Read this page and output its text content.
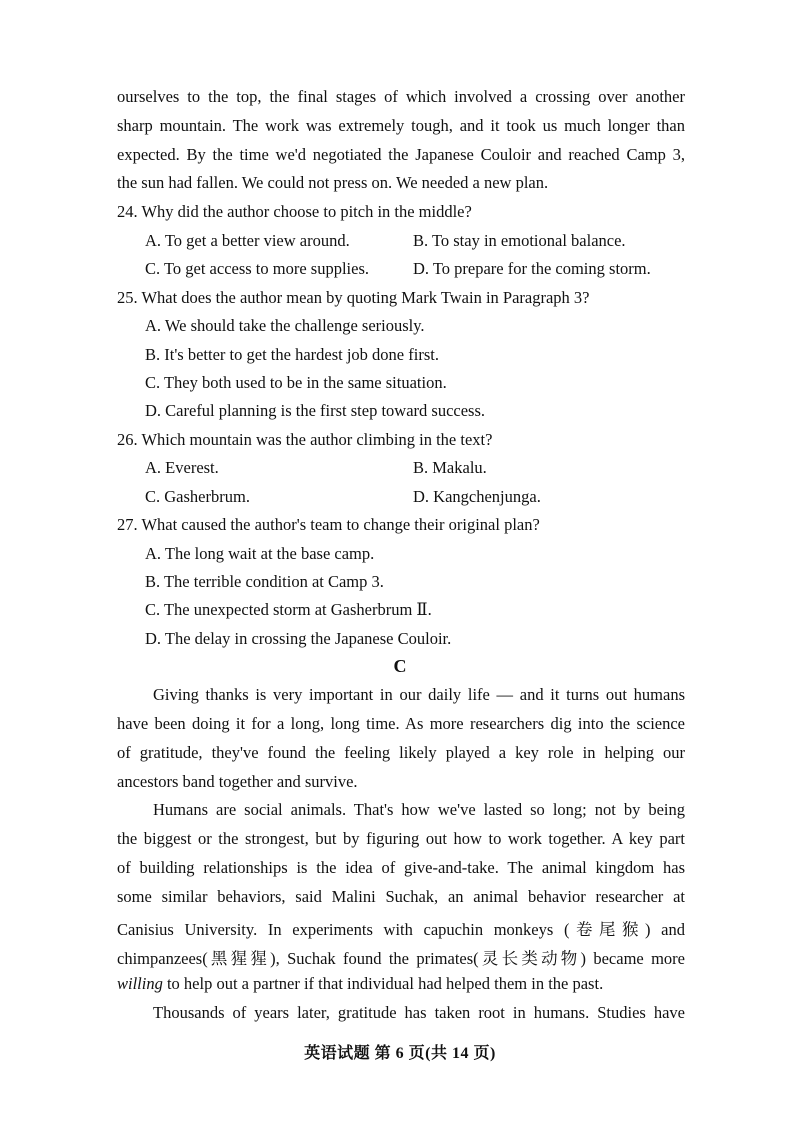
ourselves to the top, the final stages of which involved a crossing over another
sharp mountain. The work was extremely tough, and it took us much longer than
expected. By the time we'd negotiated the Japanese Couloir and reached Camp 3,
the sun had fallen. We could not press on. We needed a new plan.
24. Why did the author choose to pitch in the middle?
A. To get a better view around.	B. To stay in emotional balance.
C. To get access to more supplies.	D. To prepare for the coming storm.
25. What does the author mean by quoting Mark Twain in Paragraph 3?
A. We should take the challenge seriously.
B. It's better to get the hardest job done first.
C. They both used to be in the same situation.
D. Careful planning is the first step toward success.
26. Which mountain was the author climbing in the text?
A. Everest.	B. Makalu.
C. Gasherbrum.	D. Kangchenjunga.
27. What caused the author's team to change their original plan?
A. The long wait at the base camp.
B. The terrible condition at Camp 3.
C. The unexpected storm at Gasherbrum Ⅱ.
D. The delay in crossing the Japanese Couloir.
C
Giving thanks is very important in our daily life — and it turns out humans
have been doing it for a long, long time. As more researchers dig into the science
of gratitude, they've found the feeling likely played a key role in helping our
ancestors band together and survive.
Humans are social animals. That's how we've lasted so long; not by being
the biggest or the strongest, but by figuring out how to work together. A key part
of building relationships is the idea of give-and-take. The animal kingdom has
some similar behaviors, said Malini Suchak, an animal behavior researcher at
Canisius University. In experiments with capuchin monkeys (卷尾猴) and
chimpanzees(黑猩猩), Suchak found the primates(灵长类动物) became more
willing to help out a partner if that individual had helped them in the past.
Thousands of years later, gratitude has taken root in humans. Studies have
英语试题 第 6 页(共 14 页)
